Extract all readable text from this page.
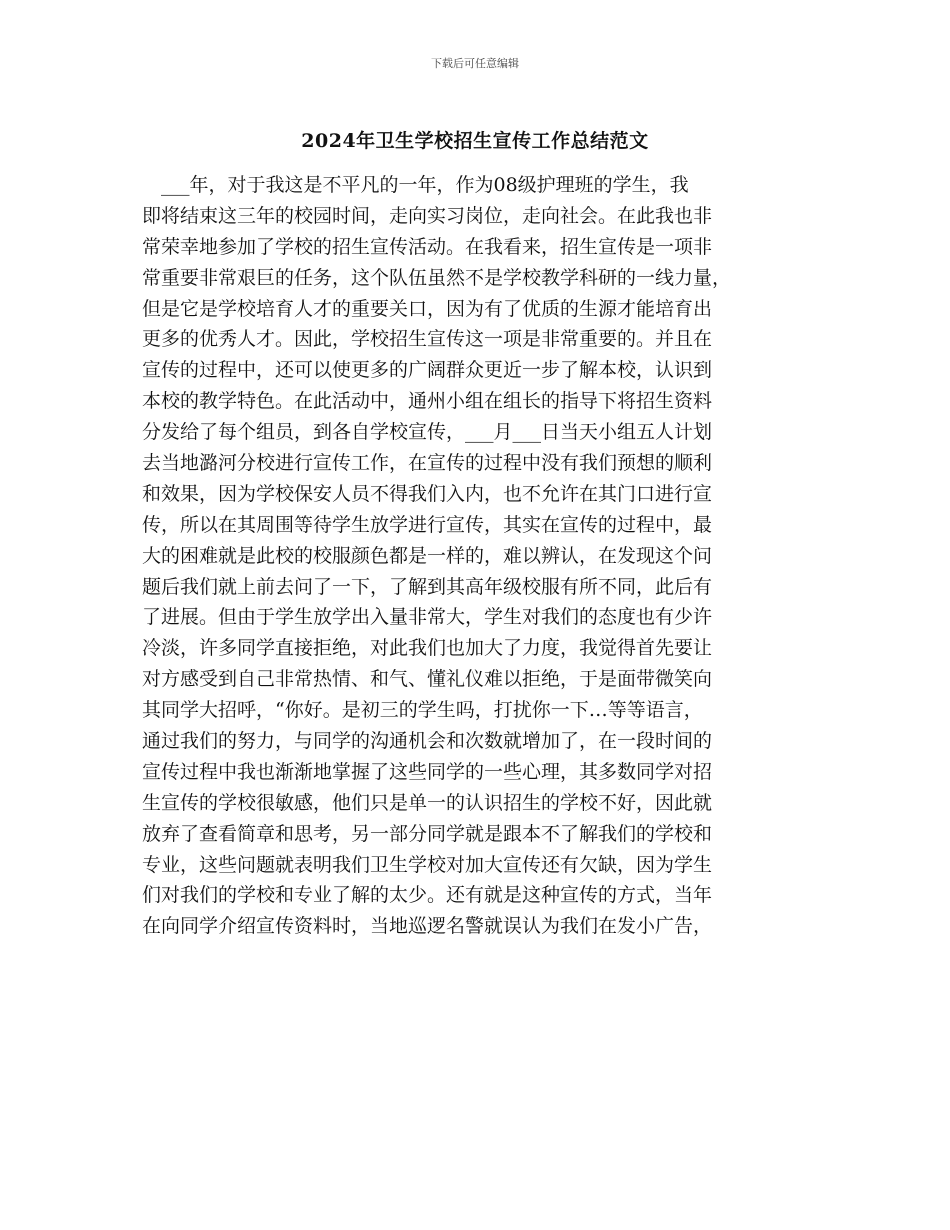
下载后可任意编辑
2024年卫生学校招生宣传工作总结范文
　___年，对于我这是不平凡的一年，作为08级护理班的学生，我
即将结束这三年的校园时间，走向实习岗位，走向社会。在此我也非
常荣幸地参加了学校的招生宣传活动。在我看来，招生宣传是一项非
常重要非常艰巨的任务，这个队伍虽然不是学校教学科研的一线力量，
但是它是学校培育人才的重要关口，因为有了优质的生源才能培育出
更多的优秀人才。因此，学校招生宣传这一项是非常重要的。并且在
宣传的过程中，还可以使更多的广阔群众更近一步了解本校，认识到
本校的教学特色。在此活动中，通州小组在组长的指导下将招生资料
分发给了每个组员，到各自学校宣传，___月___日当天小组五人计划
去当地潞河分校进行宣传工作，在宣传的过程中没有我们预想的顺利
和效果，因为学校保安人员不得我们入内，也不允许在其门口进行宣
传，所以在其周围等待学生放学进行宣传，其实在宣传的过程中，最
大的困难就是此校的校服颜色都是一样的，难以辨认，在发现这个问
题后我们就上前去问了一下，了解到其高年级校服有所不同，此后有
了进展。但由于学生放学出入量非常大，学生对我们的态度也有少许
冷淡，许多同学直接拒绝，对此我们也加大了力度，我觉得首先要让
对方感受到自己非常热情、和气、懂礼仪难以拒绝，于是面带微笑向
其同学大招呼，“你好。是初三的学生吗，打扰你一下…等等语言，
通过我们的努力，与同学的沟通机会和次数就增加了，在一段时间的
宣传过程中我也渐渐地掌握了这些同学的一些心理，其多数同学对招
生宣传的学校很敏感，他们只是单一的认识招生的学校不好，因此就
放弃了查看简章和思考，另一部分同学就是跟本不了解我们的学校和
专业，这些问题就表明我们卫生学校对加大宣传还有欠缺，因为学生
们对我们的学校和专业了解的太少。还有就是这种宣传的方式，当年
在向同学介绍宣传资料时，当地巡逻名警就误认为我们在发小广告，
